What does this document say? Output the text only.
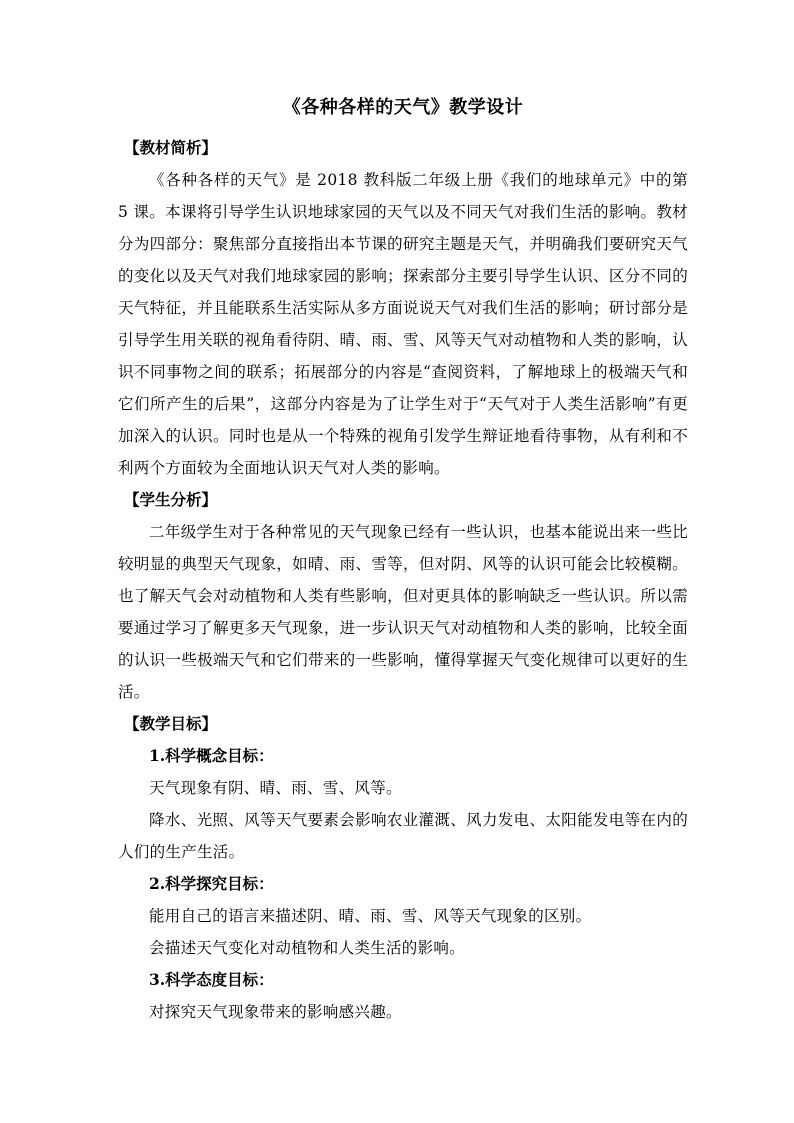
《各种各样的天气》教学设计

【教材简析】

《各种各样的天气》是 2018 教科版二年级上册《我们的地球单元》中的第 5 课。本课将引导学生认识地球家园的天气以及不同天气对我们生活的影响。教材分为四部分：聚焦部分直接指出本节课的研究主题是天气，并明确我们要研究天气的变化以及天气对我们地球家园的影响；探索部分主要引导学生认识、区分不同的天气特征，并且能联系生活实际从多方面说说天气对我们生活的影响；研讨部分是引导学生用关联的视角看待阴、晴、雨、雪、风等天气对动植物和人类的影响，认识不同事物之间的联系；拓展部分的内容是“查阅资料，了解地球上的极端天气和它们所产生的后果”，这部分内容是为了让学生对于“天气对于人类生活影响”有更加深入的认识。同时也是从一个特殊的视角引发学生辩证地看待事物，从有利和不利两个方面较为全面地认识天气对人类的影响。

【学生分析】

二年级学生对于各种常见的天气现象已经有一些认识，也基本能说出来一些比较明显的典型天气现象，如晴、雨、雪等，但对阴、风等的认识可能会比较模糊。也了解天气会对动植物和人类有些影响，但对更具体的影响缺乏一些认识。所以需要通过学习了解更多天气现象，进一步认识天气对动植物和人类的影响，比较全面的认识一些极端天气和它们带来的一些影响，懂得掌握天气变化规律可以更好的生活。

【教学目标】

1.科学概念目标：

天气现象有阴、晴、雨、雪、风等。

降水、光照、风等天气要素会影响农业灌溉、风力发电、太阳能发电等在内的人们的生产生活。

2.科学探究目标：

能用自己的语言来描述阴、晴、雨、雪、风等天气现象的区别。

会描述天气变化对动植物和人类生活的影响。

3.科学态度目标：

对探究天气现象带来的影响感兴趣。
